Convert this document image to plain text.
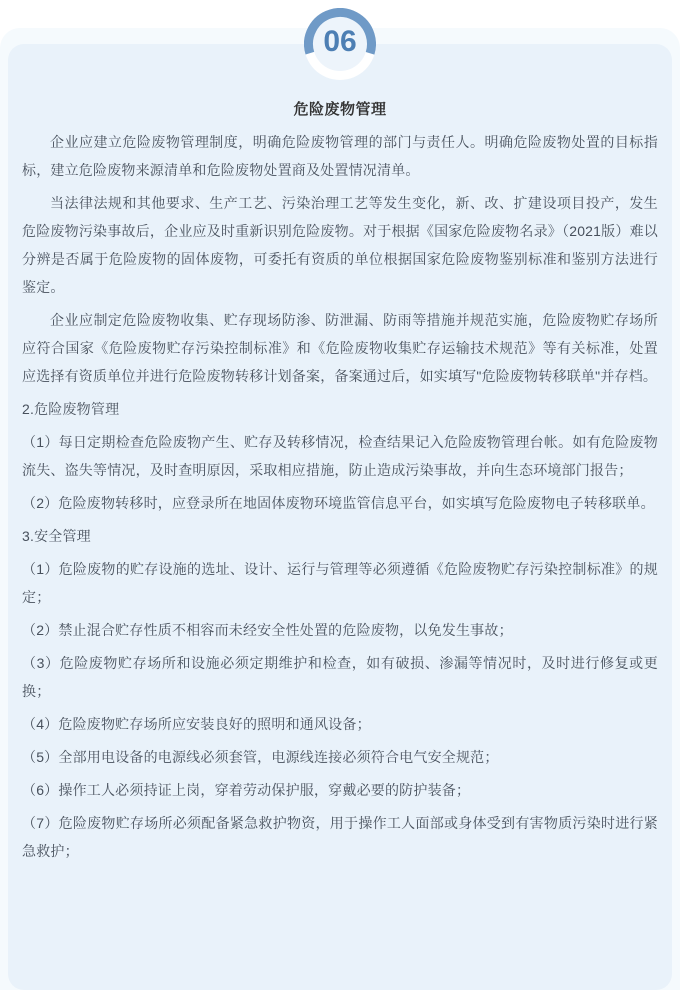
危险废物管理

企业应建立危险废物管理制度，明确危险废物管理的部门与责任人。明确危险废物处置的目标指标，建立危险废物来源清单和危险废物处置商及处置情况清单。

当法律法规和其他要求、生产工艺、污染治理工艺等发生变化，新、改、扩建设项目投产，发生危险废物污染事故后，企业应及时重新识别危险废物。对于根据《国家危险废物名录》（2021版）难以分辨是否属于危险废物的固体废物，可委托有资质的单位根据国家危险废物鉴别标准和鉴别方法进行鉴定。

企业应制定危险废物收集、贮存现场防渗、防泄漏、防雨等措施并规范实施，危险废物贮存场所应符合国家《危险废物贮存污染控制标准》和《危险废物收集贮存运输技术规范》等有关标准，处置应选择有资质单位并进行危险废物转移计划备案，备案通过后，如实填写"危险废物转移联单"并存档。

2.危险废物管理

（1）每日定期检查危险废物产生、贮存及转移情况，检查结果记入危险废物管理台帐。如有危险废物流失、盗失等情况，及时查明原因，采取相应措施，防止造成污染事故，并向生态环境部门报告；

（2）危险废物转移时，应登录所在地固体废物环境监管信息平台，如实填写危险废物电子转移联单。

3.安全管理

（1）危险废物的贮存设施的选址、设计、运行与管理等必须遵循《危险废物贮存污染控制标准》的规定；

（2）禁止混合贮存性质不相容而未经安全性处置的危险废物，以免发生事故；

（3）危险废物贮存场所和设施必须定期维护和检查，如有破损、渗漏等情况时，及时进行修复或更换；

（4）危险废物贮存场所应安装良好的照明和通风设备；

（5）全部用电设备的电源线必须套管，电源线连接必须符合电气安全规范；

（6）操作工人必须持证上岗，穿着劳动保护服，穿戴必要的防护装备；

（7）危险废物贮存场所必须配备紧急救护物资，用于操作工人面部或身体受到有害物质污染时进行紧急救护；

06
